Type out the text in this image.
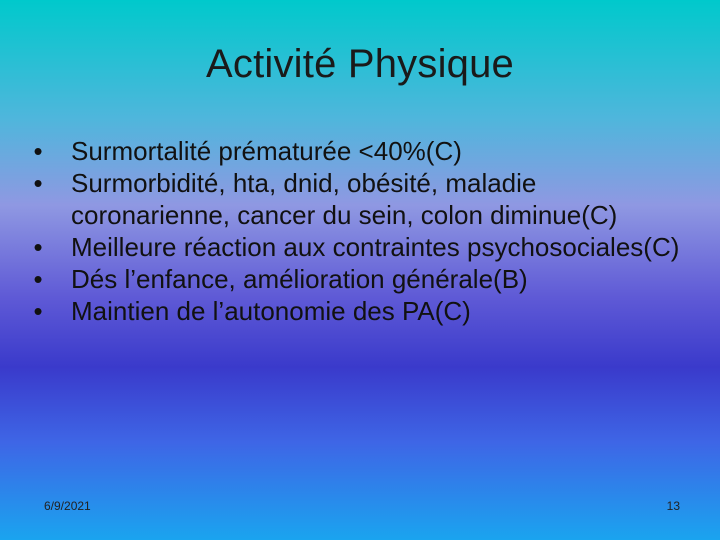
Activité Physique
• Surmortalité prématurée <40%(C)
• Surmorbidité, hta, dnid, obésité, maladie coronarienne, cancer du sein, colon diminue(C)
• Meilleure réaction aux contraintes psychosociales(C)
• Dés l’enfance, amélioration générale(B)
• Maintien de l’autonomie des PA(C)
6/9/2021	13
